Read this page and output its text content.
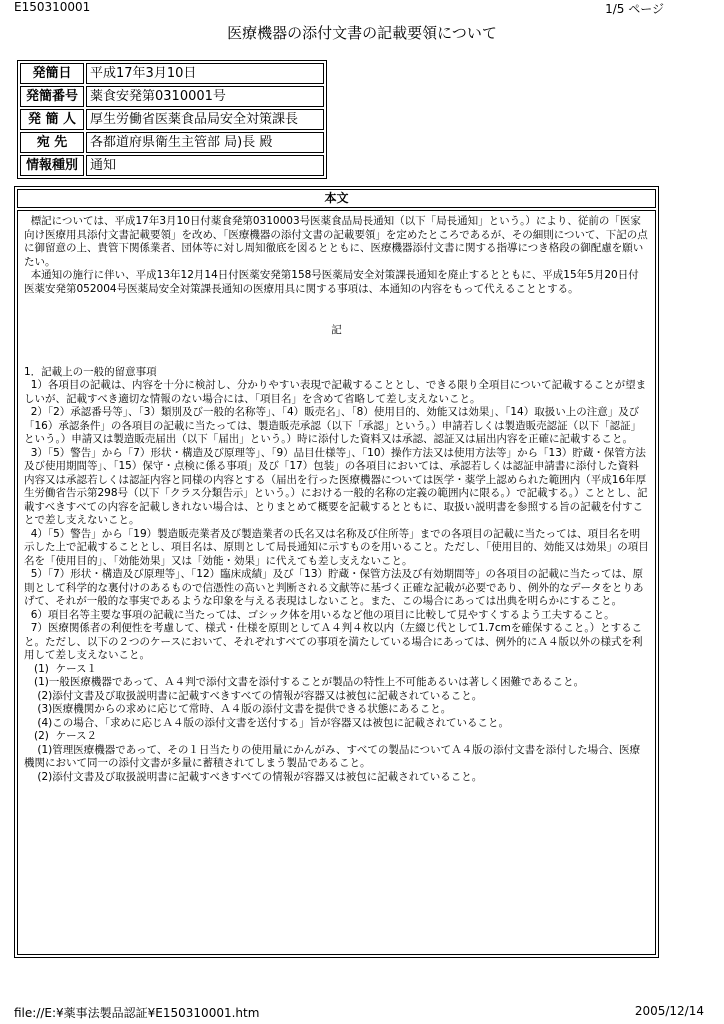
E150310001	1/5 ページ
医療機器の添付文書の記載要領について
発簡日	平成17年3月10日
発簡番号	薬食安発第0310001号
発 簡 人	厚生労働省医薬食品局安全対策課長
宛 先	各都道府県衛生主管部 局)長 殿
情報種別	通知
本文

標記については、平成17年3月10日付薬食発第0310003号医薬食品局長通知（以下「局長通知」という。）により、従前の「医家向け医療用具添付文書記載要領」を改め、「医療機器の添付文書の記載要領」を定めたところであるが、その細則について、下記の点に御留意の上、貴管下関係業者、団体等に対し周知徹底を図るとともに、医療機器添付文書に関する指導につき格段の御配慮を願いたい。

本通知の施行に伴い、平成13年12月14日付医薬安発第158号医薬局安全対策課長通知を廃止するとともに、平成15年5月20日付医薬安発第052004号医薬局安全対策課長通知の医療用具に関する事項は、本通知の内容をもって代えることとする。

記

1．記載上の一般的留意事項

1）各項目の記載は、内容を十分に検討し、分かりやすい表現で記載することとし、できる限り全項目について記載することが望ましいが、記載すべき適切な情報のない場合には、「項目名」を含めて省略して差し支えないこと。

2）「2）承認番号等」、「3）類別及び一般的名称等」、「4）販売名」、「8）使用目的、効能又は効果」、「14）取扱い上の注意」及び「16）承認条件」の各項目の記載に当たっては、製造販売承認（以下「承認」という。）申請若しくは製造販売認証（以下「認証」という。）申請又は製造販売届出（以下「届出」という。）時に添付した資料又は承認、認証又は届出内容を正確に記載すること。

3）「5）警告」から「7）形状・構造及び原理等」、「9）品目仕様等」、「10）操作方法又は使用方法等」から「13）貯蔵・保管方法及び使用期間等」、「15）保守・点検に係る事項」及び「17）包装」の各項目においては、承認若しくは認証申請書に添付した資料内容又は承認若しくは認証内容と同様の内容とする（届出を行った医療機器については医学・薬学上認められた範囲内（平成16年厚生労働省告示第298号（以下「クラス分類告示」という。）における一般的名称の定義の範囲内に限る。）で記載する。）こととし、記載すべきすべての内容を記載しきれない場合は、とりまとめて概要を記載するとともに、取扱い説明書を参照する旨の記載を付すことで差し支えないこと。

4）「5）警告」から「19）製造販売業者及び製造業者の氏名又は名称及び住所等」までの各項目の記載に当たっては、項目名を明示した上で記載することとし、項目名は、原則として局長通知に示すものを用いること。ただし、「使用目的、効能又は効果」の項目名を「使用目的」、「効能効果」又は「効能・効果」に代えても差し支えないこと。

5）「7）形状・構造及び原理等」、「12）臨床成績」及び「13）貯蔵・保管方法及び有効期間等」の各項目の記載に当たっては、原則として科学的な裏付けのあるもので信憑性の高いと判断される文献等に基づく正確な記載が必要であり、例外的なデータをとりあげて、それが一般的な事実であるような印象を与える表現はしないこと。また、この場合にあっては出典を明らかにすること。

6）項目名等主要な事項の記載に当たっては、ゴシック体を用いるなど他の項目に比較して見やすくするよう工夫すること。

7）医療関係者の利便性を考慮して、様式・仕様を原則としてＡ４判４枚以内（左綴じ代として1.7cmを確保すること。）とすること。ただし、以下の２つのケースにおいて、それぞれすべての事項を満たしている場合にあっては、例外的にＡ４版以外の様式を利用して差し支えないこと。

(1)  ケース１

(1)一般医療機器であって、Ａ４判で添付文書を添付することが製品の特性上不可能あるいは著しく困難であること。

(2)添付文書及び取扱説明書に記載すべきすべての情報が容器又は被包に記載されていること。

(3)医療機関からの求めに応じて常時、Ａ４版の添付文書を提供できる状態にあること。

(4)この場合、「求めに応じＡ４版の添付文書を送付する」旨が容器又は被包に記載されていること。

(2)  ケース２

(1)管理医療機器であって、その１日当たりの使用量にかんがみ、すべての製品についてＡ４版の添付文書を添付した場合、医療機関において同一の添付文書が多量に蓄積されてしまう製品であること。

(2)添付文書及び取扱説明書に記載すべきすべての情報が容器又は被包に記載されていること。

file://E:¥薬事法製品認証¥E150310001.htm	2005/12/14
